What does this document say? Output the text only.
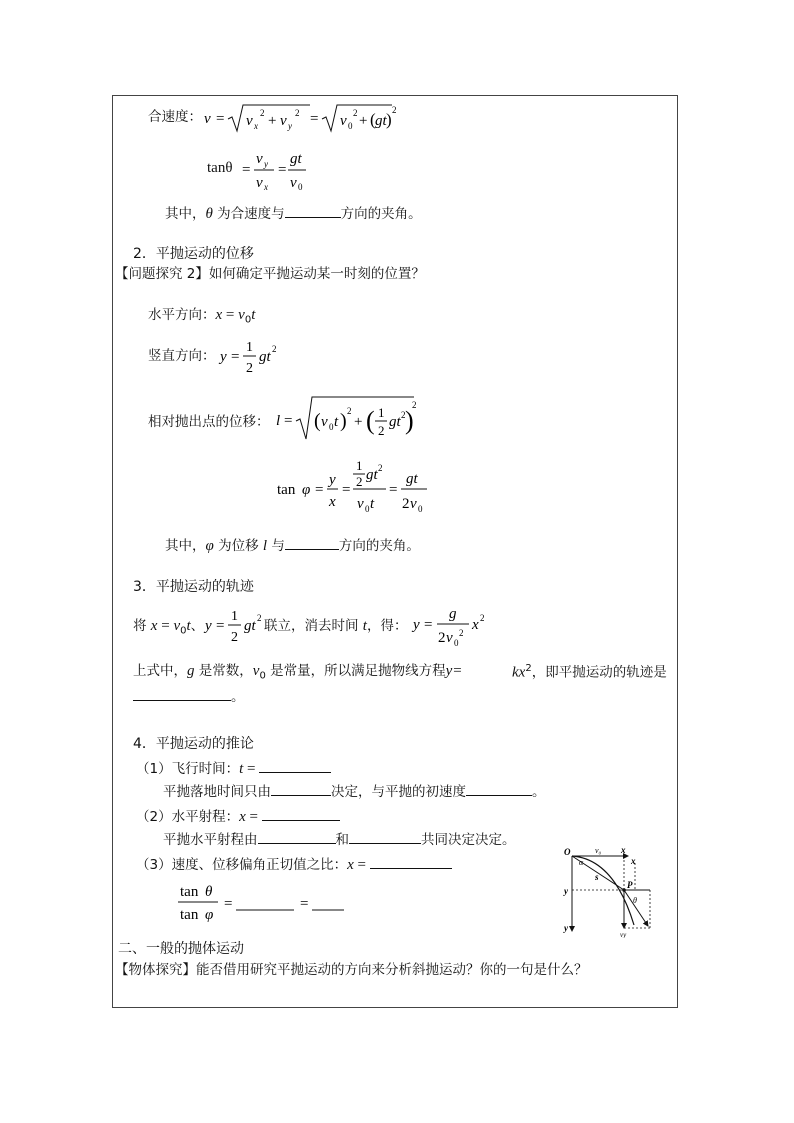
合速度： v = v x
2 + v y
2 = v 0
2 + ( gt ) 2
tanθ =
v y
v x
=
gt
v 0
其中，θ 为合速度与	方向的夹角。
2．平抛运动的位移
【问题探究 2】如何确定平抛运动某一时刻的位置？
水平方向：$x = v_0t$
竖直方向： y =
1
2
gt 2
相对抛出点的位移： l = ( v 0 t ) 2
+ ( 1
2
gt 2 )
2
tan φ =
y
x
=
1
2 gt 2
v 0 t
=
gt
2 v 0
其中，φ 为位移 l 与	方向的夹角。
3．平抛运动的轨迹
将 $x = v_0t$、 y =
1
2
gt 2 联立，消去时间 t，得： y =
g
2 v 0
2 x 2
上式中，g 是常数，$v_0$ 是常量，所以满足抛物线方程y=	$kx^2$，即平抛运动的轨迹是
。
4．平抛运动的推论
（1）飞行时间：t =
平抛落地时间只由	决定，与平抛的初速度	。
（2）水平射程：x =
平抛水平射程由	和	共同决定决定。
（3）速度、位移偏角正切值之比：x =
tan θ
tan φ
=	=
O	v₀ x
x
s
α
P
θ
y
y
vy
二、一般的抛体运动
【物体探究】能否借用研究平抛运动的方向来分析斜抛运动？你的一句是什么？
